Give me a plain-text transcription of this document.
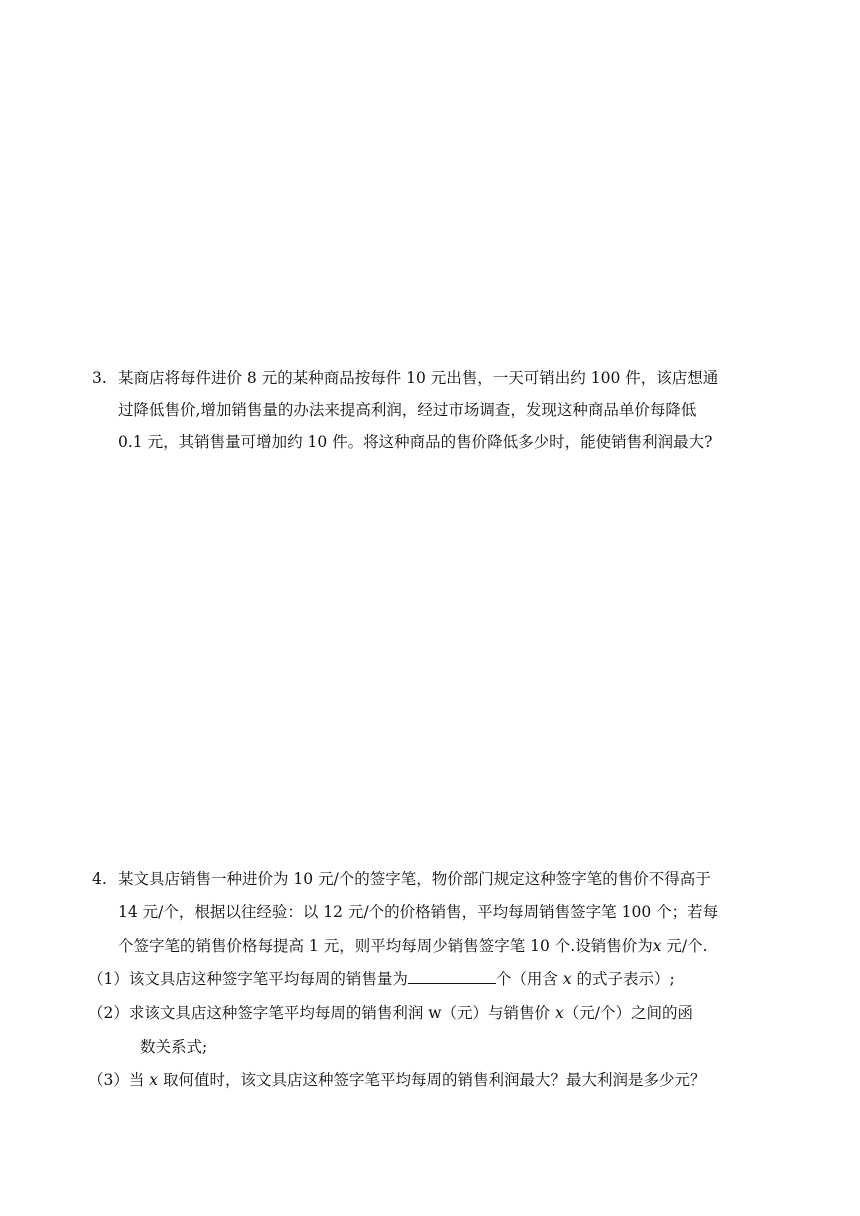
3. 某商店将每件进价 8 元的某种商品按每件 10 元出售，一天可销出约 100 件，该店想通
过降低售价,增加销售量的办法来提高利润，经过市场调查，发现这种商品单价每降低
0.1 元，其销售量可增加约 10 件。将这种商品的售价降低多少时，能使销售利润最大?
4. 某文具店销售一种进价为 10 元/个的签字笔，物价部门规定这种签字笔的售价不得高于
14 元/个，根据以往经验：以 12 元/个的价格销售，平均每周销售签字笔 100 个；若每
个签字笔的销售价格每提高 1 元，则平均每周少销售签字笔 10 个.设销售价为x 元/个.
（1）该文具店这种签字笔平均每周的销售量为	个（用含 x 的式子表示）;
（2）求该文具店这种签字笔平均每周的销售利润 w（元）与销售价 x（元/个）之间的函
数关系式;
（3）当 x 取何值时，该文具店这种签字笔平均每周的销售利润最大？最大利润是多少元？
